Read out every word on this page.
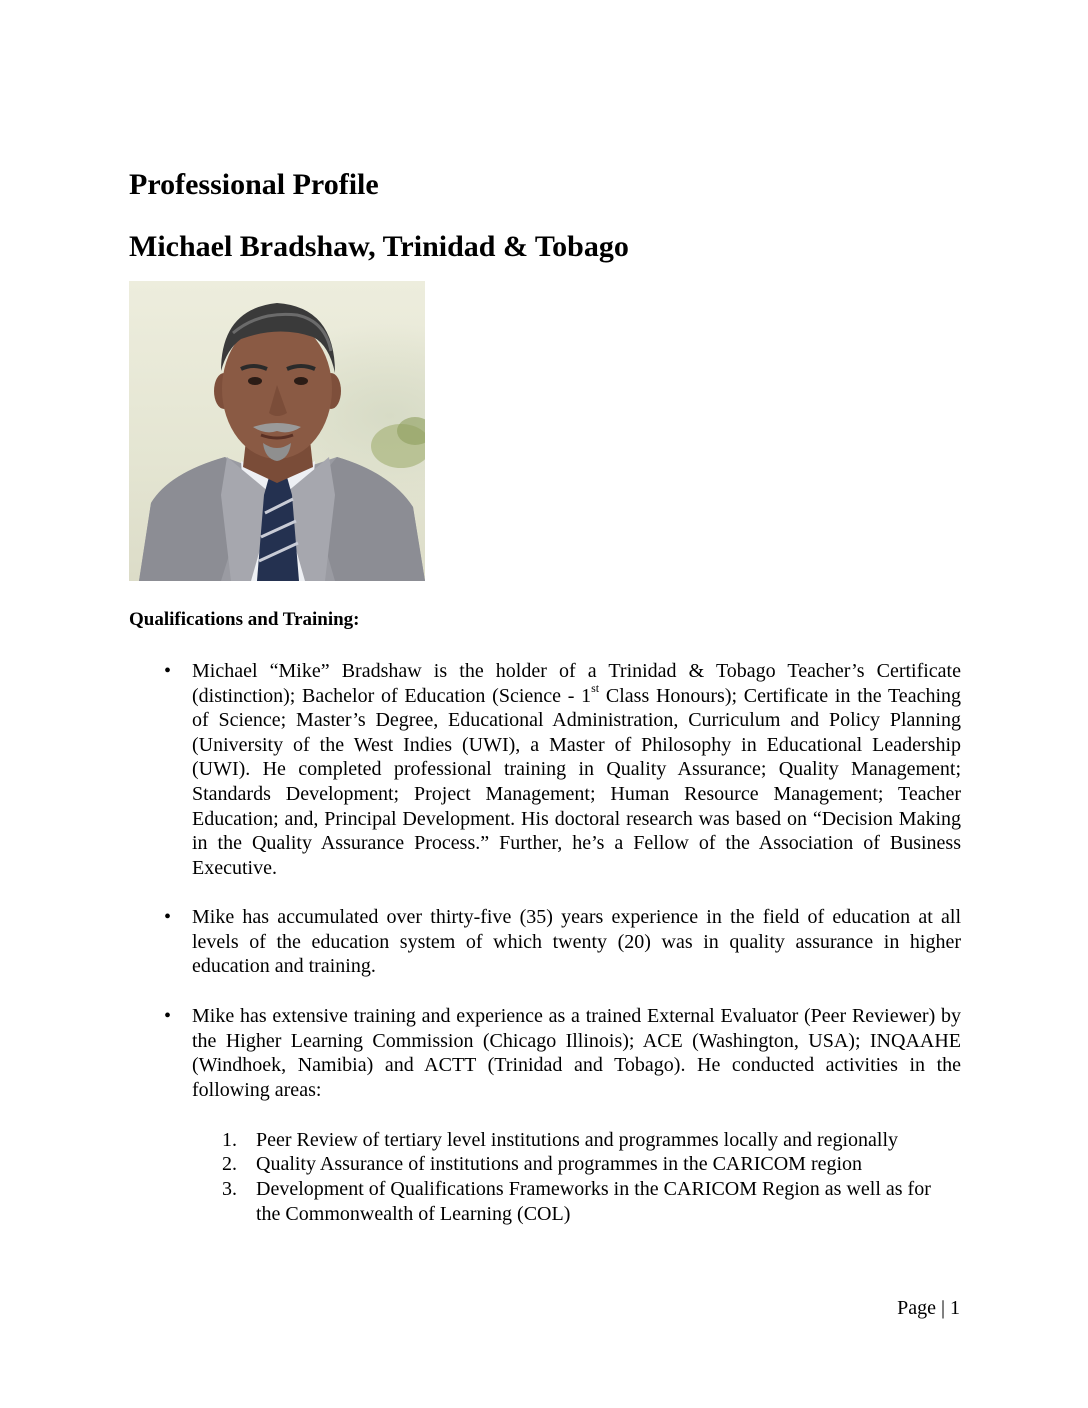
Professional Profile
Michael Bradshaw, Trinidad & Tobago
Qualifications and Training:
• Michael “Mike” Bradshaw is the holder of a Trinidad & Tobago Teacher’s Certificate (distinction); Bachelor of Education (Science - 1st Class Honours); Certificate in the Teaching of Science; Master’s Degree, Educational Administration, Curriculum and Policy Planning (University of the West Indies (UWI), a Master of Philosophy in Educational Leadership (UWI). He completed professional training in Quality Assurance; Quality Management; Standards Development; Project Management; Human Resource Management; Teacher Education; and, Principal Development. His doctoral research was based on “Decision Making in the Quality Assurance Process.” Further, he’s a Fellow of the Association of Business Executive.

• Mike has accumulated over thirty-five (35) years experience in the field of education at all levels of the education system of which twenty (20) was in quality assurance in higher education and training.

• Mike has extensive training and experience as a trained External Evaluator (Peer Reviewer) by the Higher Learning Commission (Chicago Illinois); ACE (Washington, USA); INQAAHE (Windhoek, Namibia) and ACTT (Trinidad and Tobago). He conducted activities in the following areas:

1. Peer Review of tertiary level institutions and programmes locally and regionally
2. Quality Assurance of institutions and programmes in the CARICOM region
3. Development of Qualifications Frameworks in the CARICOM Region as well as for the Commonwealth of Learning (COL)
Page | 1
